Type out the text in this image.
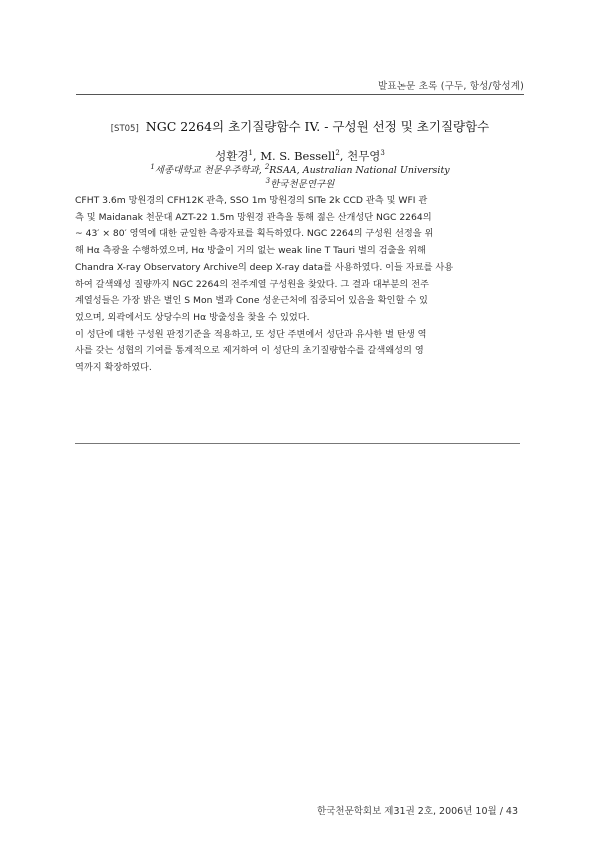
발표논문 초록 (구두, 항성/항성계)
[ST05] NGC 2264의 초기질량함수 IV. - 구성원 선정 및 초기질량함수
성환경$^1$, M. S. Bessell$^2$, 천무영$^3$
$^1$세종대학교 천문우주학과, $^2$RSAA, Australian National University
$^3$한국천문연구원
CFHT 3.6m 망원경의 CFH12K 관측, SSO 1m 망원경의 SITe 2k CCD 관측 및 WFI 관
측 및 Maidanak 천문대 AZT-22 1.5m 망원경 관측을 통해 젊은 산개성단 NGC 2264의
~ 43′ × 80′ 영역에 대한 균일한 측광자료를 획득하였다. NGC 2264의 구성원 선정을 위
해 Hα 측광을 수행하였으며, Hα 방출이 거의 없는 weak line T Tauri 별의 검출을 위해
Chandra X-ray Observatory Archive의 deep X-ray data를 사용하였다. 이들 자료를 사용
하여 갈색왜성 질량까지 NGC 2264의 전주계열 구성원을 찾았다. 그 결과 대부분의 전주
계열성들은 가장 밝은 별인 S Mon 별과 Cone 성운근처에 집중되어 있음을 확인할 수 있
었으며, 외곽에서도 상당수의 Hα 방출성을 찾을 수 있었다.
이 성단에 대한 구성원 판정기준을 적용하고, 또 성단 주변에서 성단과 유사한 별 탄생 역
사를 갖는 성협의 기여를 통계적으로 제거하여 이 성단의 초기질량함수를 갈색왜성의 영
역까지 확장하였다.
한국천문학회보 제31권 2호, 2006년 10월 / 43
